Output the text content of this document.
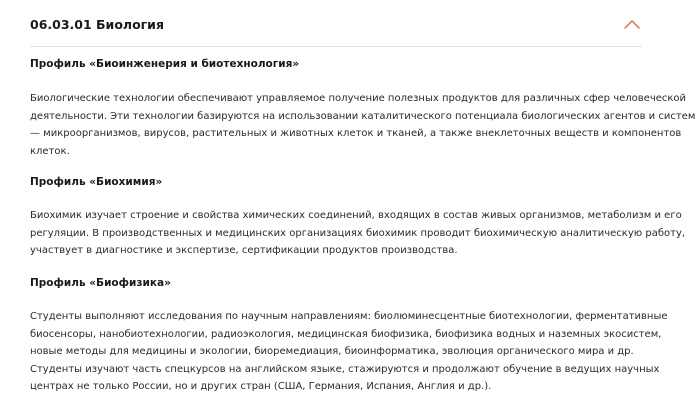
06.03.01 Биология
Профиль «Биоинженерия и биотехнология»
Биологические технологии обеспечивают управляемое получение полезных продуктов для различных сфер человеческой
деятельности. Эти технологии базируются на использовании каталитического потенциала биологических агентов и систем
— микроорганизмов, вирусов, растительных и животных клеток и тканей, а также внеклеточных веществ и компонентов
клеток.
Профиль «Биохимия»
Биохимик изучает строение и свойства химических соединений, входящих в состав живых организмов, метаболизм и его
регуляции. В производственных и медицинских организациях биохимик проводит биохимическую аналитическую работу,
участвует в диагностике и экспертизе, сертификации продуктов производства.
Профиль «Биофизика»
Студенты выполняют исследования по научным направлениям: биолюминесцентные биотехнологии, ферментативные
биосенсоры, нанобиотехнологии, радиоэкология, медицинская биофизика, биофизика водных и наземных экосистем,
новые методы для медицины и экологии, биоремедиация, биоинформатика, эволюция органического мира и др.
Студенты изучают часть спецкурсов на английском языке, стажируются и продолжают обучение в ведущих научных
центрах не только России, но и других стран (США, Германия, Испания, Англия и др.).
